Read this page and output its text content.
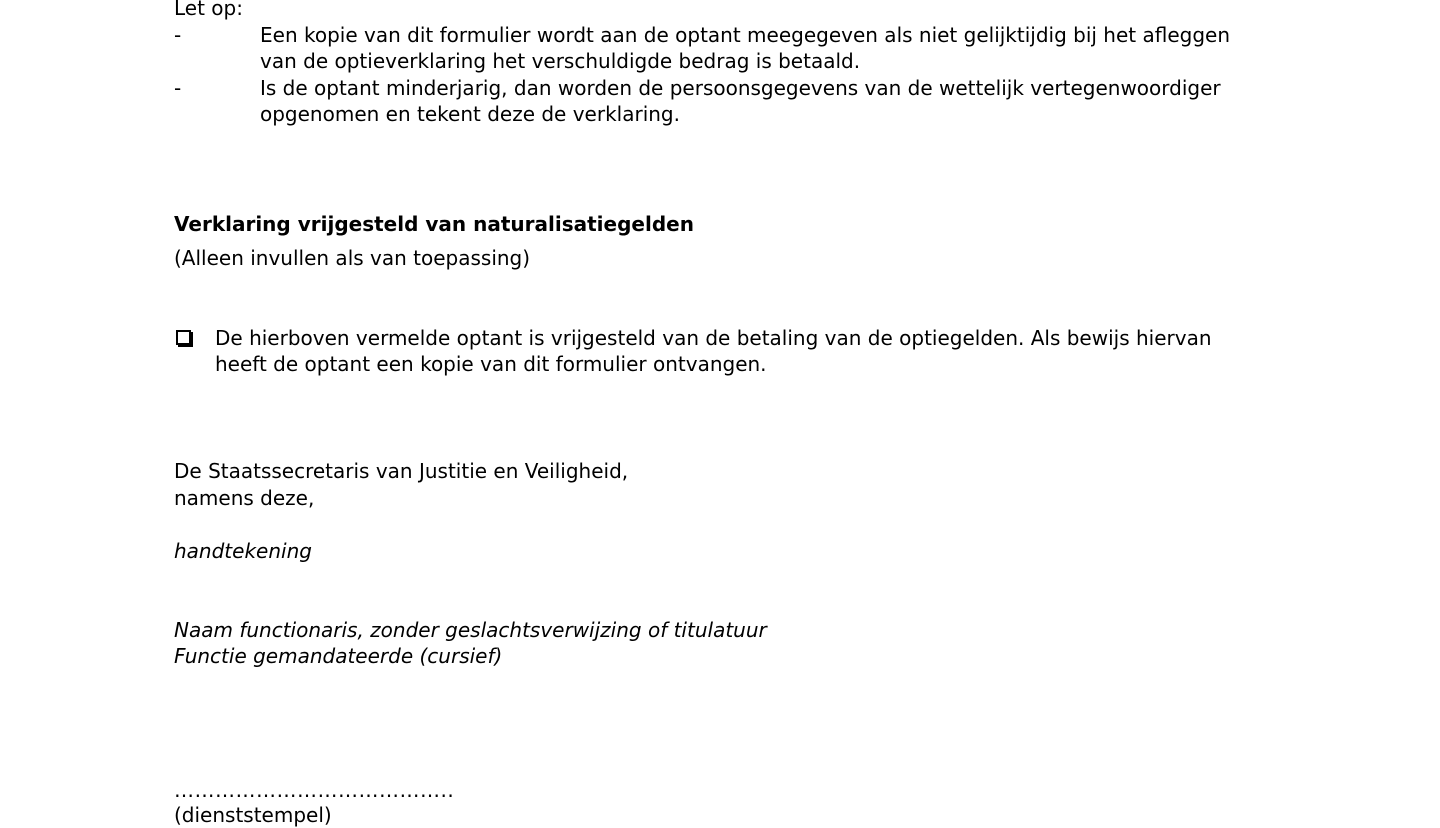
Let op:
-	Een kopie van dit formulier wordt aan de optant meegegeven als niet gelijktijdig bij het afleggen van de optieverklaring het verschuldigde bedrag is betaald.
-	Is de optant minderjarig, dan worden de persoonsgegevens van de wettelijk vertegenwoordiger opgenomen en tekent deze de verklaring.
Verklaring vrijgesteld van naturalisatiegelden
(Alleen invullen als van toepassing)
De hierboven vermelde optant is vrijgesteld van de betaling van de optiegelden. Als bewijs hiervan heeft de optant een kopie van dit formulier ontvangen.
De Staatssecretaris van Justitie en Veiligheid,
namens deze,
handtekening
Naam functionaris, zonder geslachtsverwijzing of titulatuur
Functie gemandateerde (cursief)
…………………………………..
(dienststempel)
